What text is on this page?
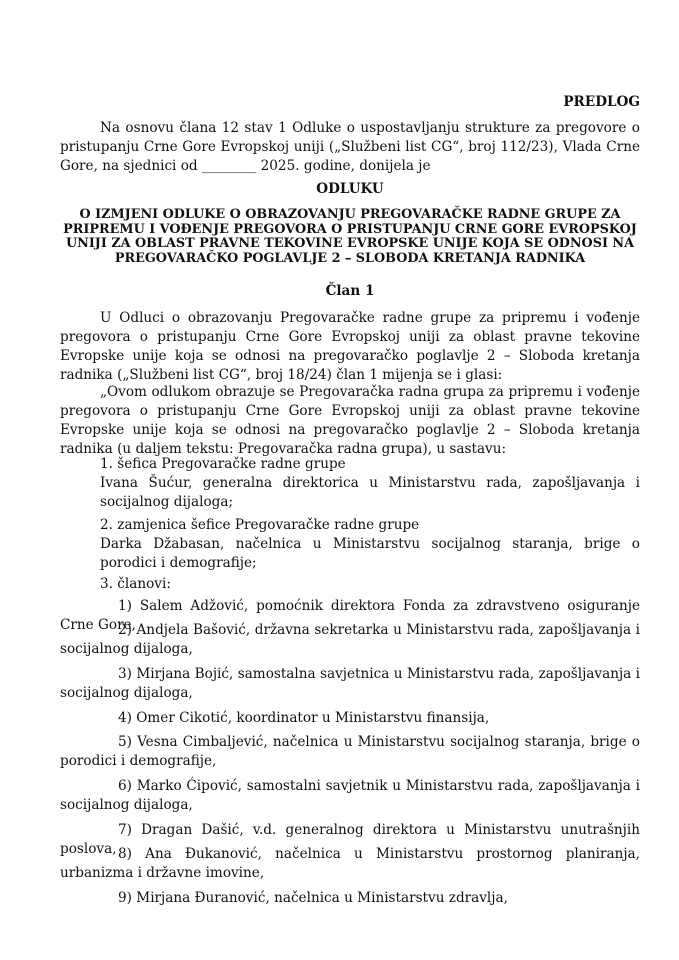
PREDLOG

Na osnovu člana 12 stav 1 Odluke o uspostavljanju strukture za pregovore o pristupanju Crne Gore Evropskoj uniji („Službeni list CG“, broj 112/23), Vlada Crne Gore, na sjednici od ________ 2025. godine, donijela je

ODLUKU
O IZMJENI ODLUKE O OBRAZOVANJU PREGOVARAČKE RADNE GRUPE ZA PRIPREMU I VOĐENJE PREGOVORA O PRISTUPANJU CRNE GORE EVROPSKOJ UNIJI ZA OBLAST PRAVNE TEKOVINE EVROPSKE UNIJE KOJA SE ODNOSI NA PREGOVARAČKO POGLAVLJE 2 – SLOBODA KRETANJA RADNIKA
Član 1

U Odluci o obrazovanju Pregovaračke radne grupe za pripremu i vođenje pregovora o pristupanju Crne Gore Evropskoj uniji za oblast pravne tekovine Evropske unije koja se odnosi na pregovaračko poglavlje 2 – Sloboda kretanja radnika („Službeni list CG“, broj 18/24) član 1 mijenja se i glasi:

„Ovom odlukom obrazuje se Pregovaračka radna grupa za pripremu i vođenje pregovora o pristupanju Crne Gore Evropskoj uniji za oblast pravne tekovine Evropske unije koja se odnosi na pregovaračko poglavlje 2 – Sloboda kretanja radnika (u daljem tekstu: Pregovaračka radna grupa), u sastavu:

1. šefica Pregovaračke radne grupe
Ivana Šućur, generalna direktorica u Ministarstvu rada, zapošljavanja i socijalnog dijaloga;
2. zamjenica šefice Pregovaračke radne grupe
Darka Džabasan, načelnica u Ministarstvu socijalnog staranja, brige o porodici i demografije;
3. članovi:
1) Salem Adžović, pomoćnik direktora Fonda za zdravstveno osiguranje Crne Gore,
2) Andjela Bašović, državna sekretarka u Ministarstvu rada, zapošljavanja i socijalnog dijaloga,
3) Mirjana Bojić, samostalna savjetnica u Ministarstvu rada, zapošljavanja i socijalnog dijaloga,
4) Omer Cikotić, koordinator u Ministarstvu finansija,
5) Vesna Cimbaljević, načelnica u Ministarstvu socijalnog staranja, brige o porodici i demografije,
6) Marko Ćipović, samostalni savjetnik u Ministarstvu rada, zapošljavanja i socijalnog dijaloga,
7) Dragan Dašić, v.d. generalnog direktora u Ministarstvu unutrašnjih poslova, 8) Ana Đukanović, načelnica u Ministarstvu prostornog planiranja, urbanizma i državne imovine,
9) Mirjana Đuranović, načelnica u Ministarstvu zdravlja,
